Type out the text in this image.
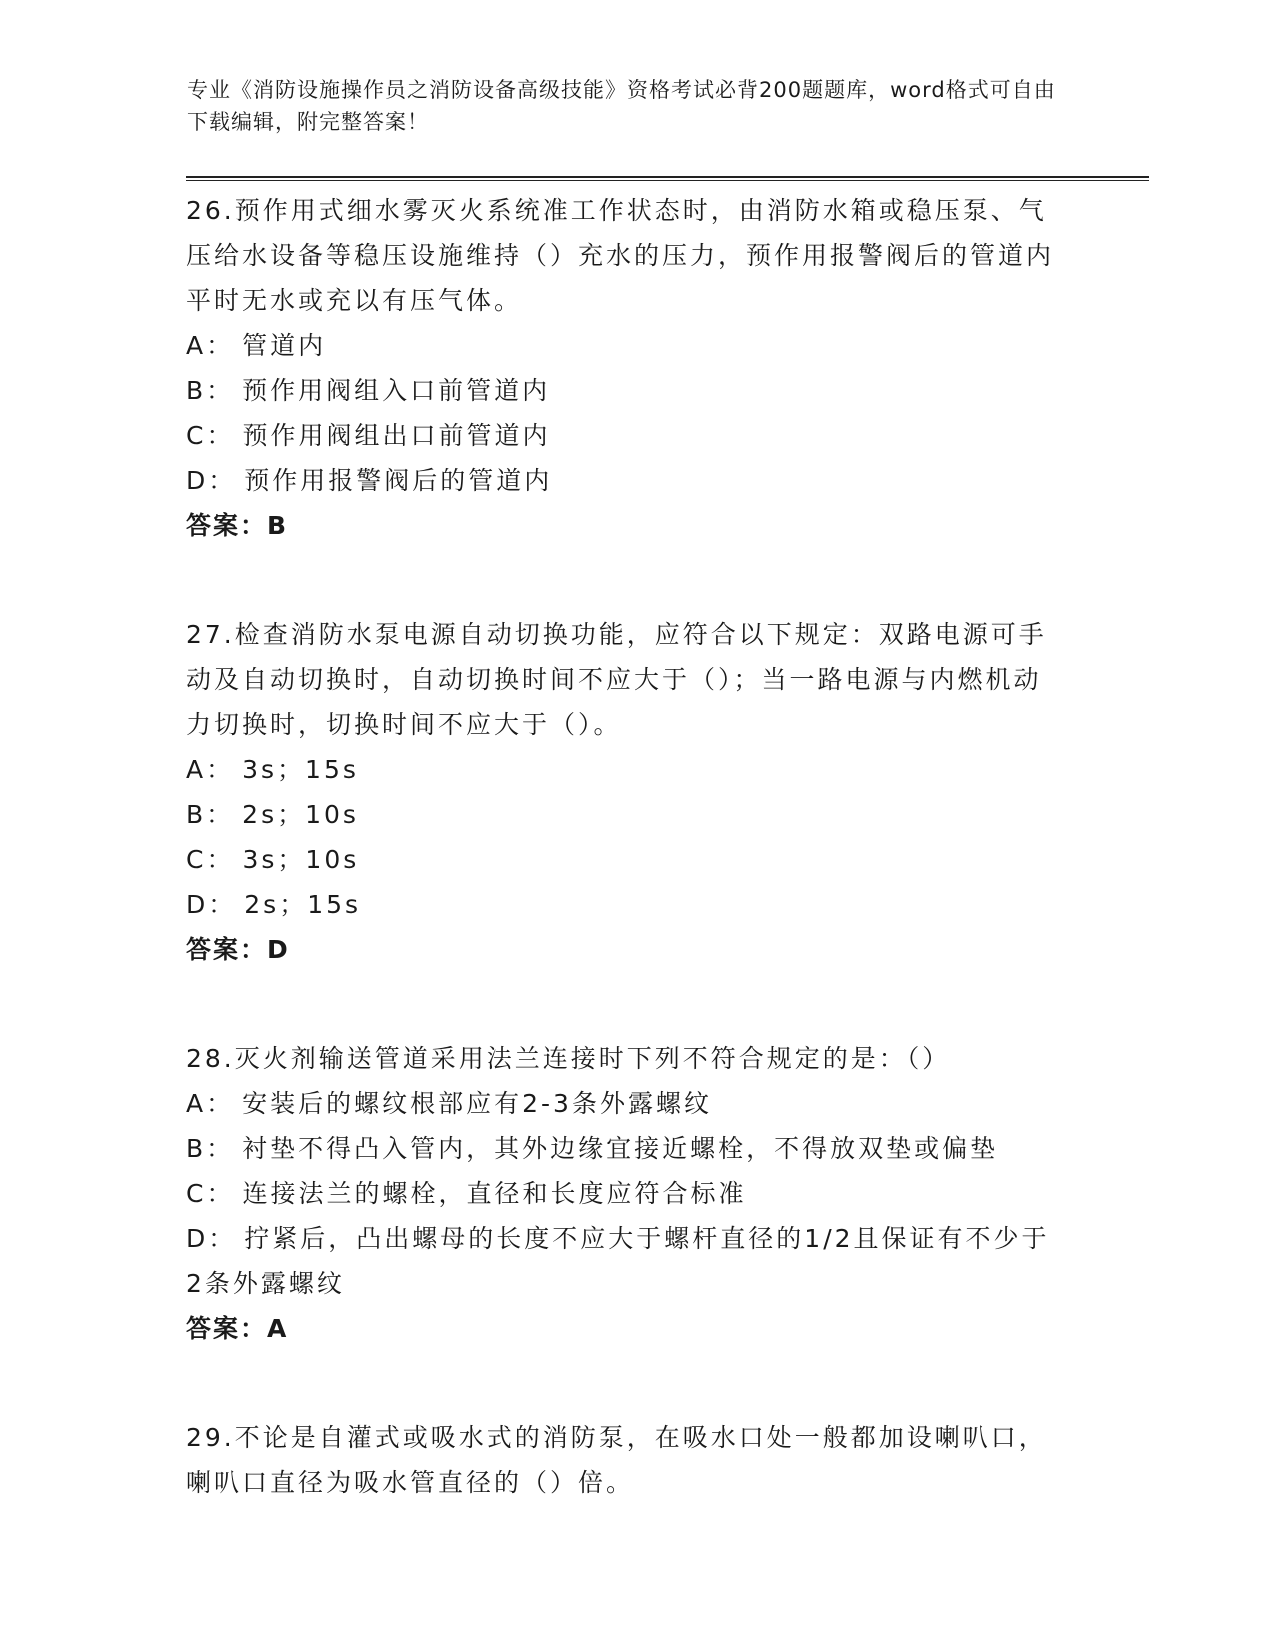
专业《消防设施操作员之消防设备高级技能》资格考试必背200题题库，word格式可自由下载编辑，附完整答案！

26.预作用式细水雾灭火系统准工作状态时，由消防水箱或稳压泵、气压给水设备等稳压设施维持（）充水的压力，预作用报警阀后的管道内平时无水或充以有压气体。

A： 管道内
B： 预作用阀组入口前管道内
C： 预作用阀组出口前管道内
D： 预作用报警阀后的管道内

答案：B

27.检查消防水泵电源自动切换功能，应符合以下规定：双路电源可手动及自动切换时，自动切换时间不应大于（）；当一路电源与内燃机动力切换时，切换时间不应大于（）。

A： 3s；15s
B： 2s；10s
C： 3s；10s
D： 2s；15s

答案：D

28.灭火剂输送管道采用法兰连接时下列不符合规定的是：（）

A： 安装后的螺纹根部应有2-3条外露螺纹
B： 衬垫不得凸入管内，其外边缘宜接近螺栓，不得放双垫或偏垫
C： 连接法兰的螺栓，直径和长度应符合标准
D： 拧紧后，凸出螺母的长度不应大于螺杆直径的1/2且保证有不少于2条外露螺纹

答案：A

29.不论是自灌式或吸水式的消防泵，在吸水口处一般都加设喇叭口，喇叭口直径为吸水管直径的（）倍。
